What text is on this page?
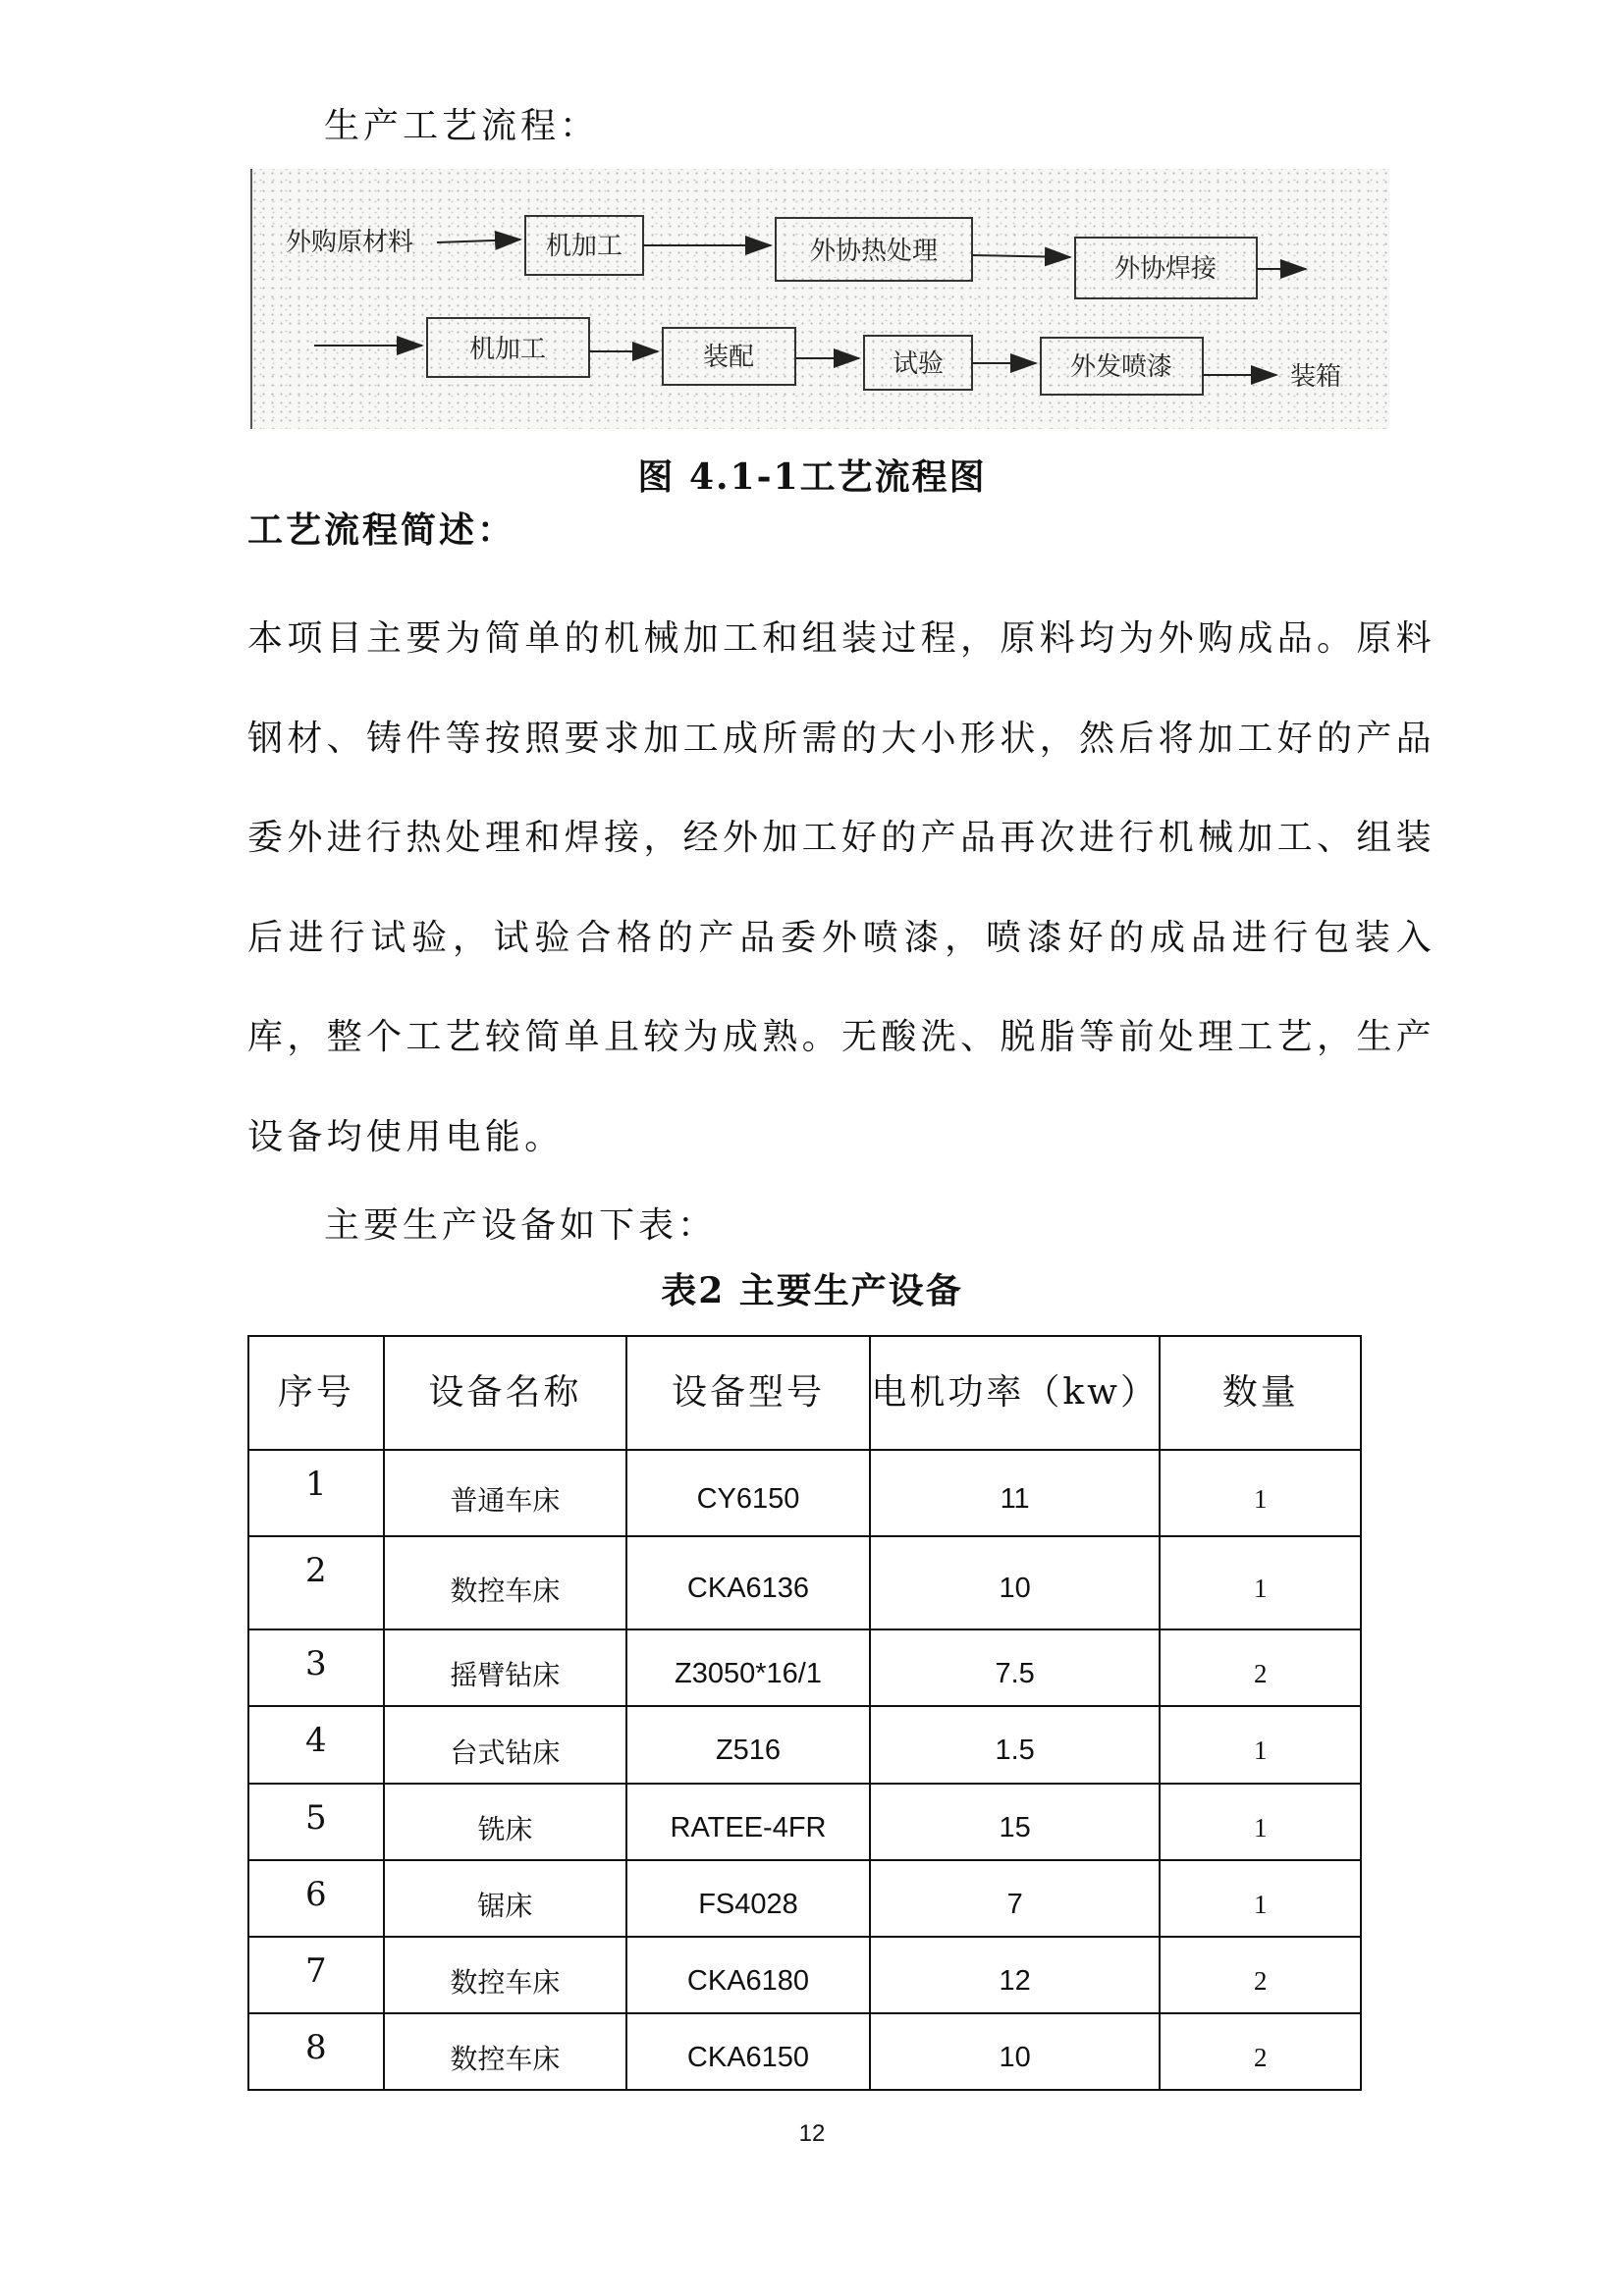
生产工艺流程：
外购原材料	机加工	外协热处理
外协焊接
机加工	装配	试验	外发喷漆	装箱
图 4.1-1工艺流程图
工艺流程简述：
本项目主要为简单的机械加工和组装过程，原料均为外购成品。原料钢材、铸件等按照要求加工成所需的大小形状，然后将加工好的产品委外进行热处理和焊接，经外加工好的产品再次进行机械加工、组装后进行试验，试验合格的产品委外喷漆，喷漆好的成品进行包装入库，整个工艺较简单且较为成熟。无酸洗、脱脂等前处理工艺，生产设备均使用电能。
主要生产设备如下表：
表2 主要生产设备
序号	设备名称	设备型号	电机功率（kw）	数量
1	普通车床	CY6150	11	1
2	数控车床	CKA6136	10	1
3	摇臂钻床	Z3050*16/1	7.5	2
4	台式钻床	Z516	1.5	1
5	铣床	RATEE-4FR	15	1
6	锯床	FS4028	7	1
7	数控车床	CKA6180	12	2
8	数控车床	CKA6150	10	2
12
